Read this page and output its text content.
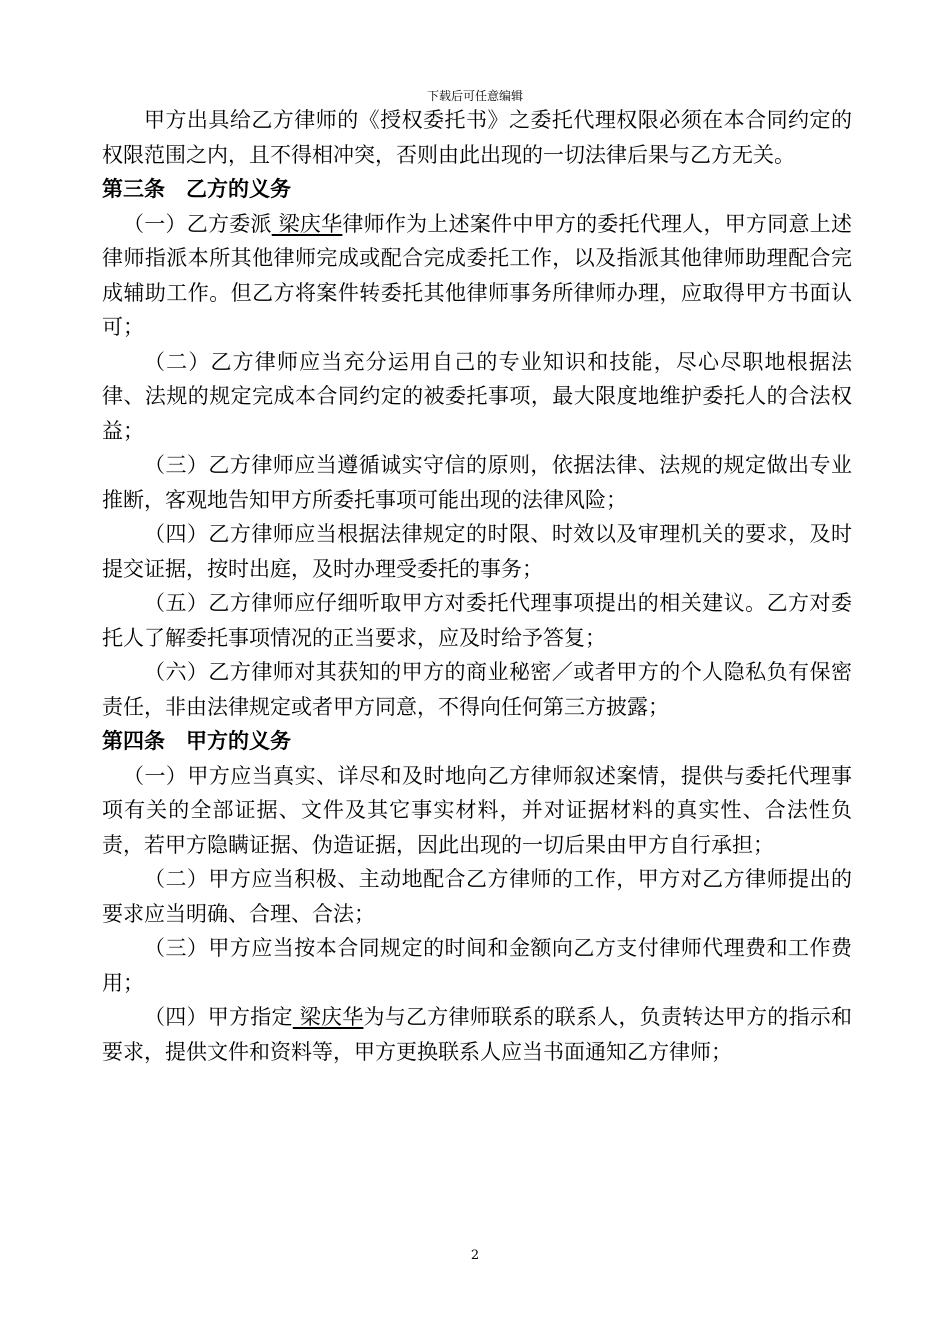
下载后可任意编辑

甲方出具给乙方律师的《授权委托书》之委托代理权限必须在本合同约定的权限范围之内，且不得相冲突，否则由此出现的一切法律后果与乙方无关。

第三条　乙方的义务

（一）乙方委派 梁庆华律师作为上述案件中甲方的委托代理人，甲方同意上述律师指派本所其他律师完成或配合完成委托工作，以及指派其他律师助理配合完成辅助工作。但乙方将案件转委托其他律师事务所律师办理，应取得甲方书面认可；

（二）乙方律师应当充分运用自己的专业知识和技能，尽心尽职地根据法律、法规的规定完成本合同约定的被委托事项，最大限度地维护委托人的合法权益；

（三）乙方律师应当遵循诚实守信的原则，依据法律、法规的规定做出专业推断，客观地告知甲方所委托事项可能出现的法律风险；

（四）乙方律师应当根据法律规定的时限、时效以及审理机关的要求，及时提交证据，按时出庭，及时办理受委托的事务；

（五）乙方律师应仔细听取甲方对委托代理事项提出的相关建议。乙方对委托人了解委托事项情况的正当要求，应及时给予答复；

（六）乙方律师对其获知的甲方的商业秘密／或者甲方的个人隐私负有保密责任，非由法律规定或者甲方同意，不得向任何第三方披露；

第四条　甲方的义务

（一）甲方应当真实、详尽和及时地向乙方律师叙述案情，提供与委托代理事项有关的全部证据、文件及其它事实材料，并对证据材料的真实性、合法性负责，若甲方隐瞒证据、伪造证据，因此出现的一切后果由甲方自行承担；

（二）甲方应当积极、主动地配合乙方律师的工作，甲方对乙方律师提出的要求应当明确、合理、合法；

（三）甲方应当按本合同规定的时间和金额向乙方支付律师代理费和工作费用；

（四）甲方指定 梁庆华为与乙方律师联系的联系人，负责转达甲方的指示和要求，提供文件和资料等，甲方更换联系人应当书面通知乙方律师；

2
